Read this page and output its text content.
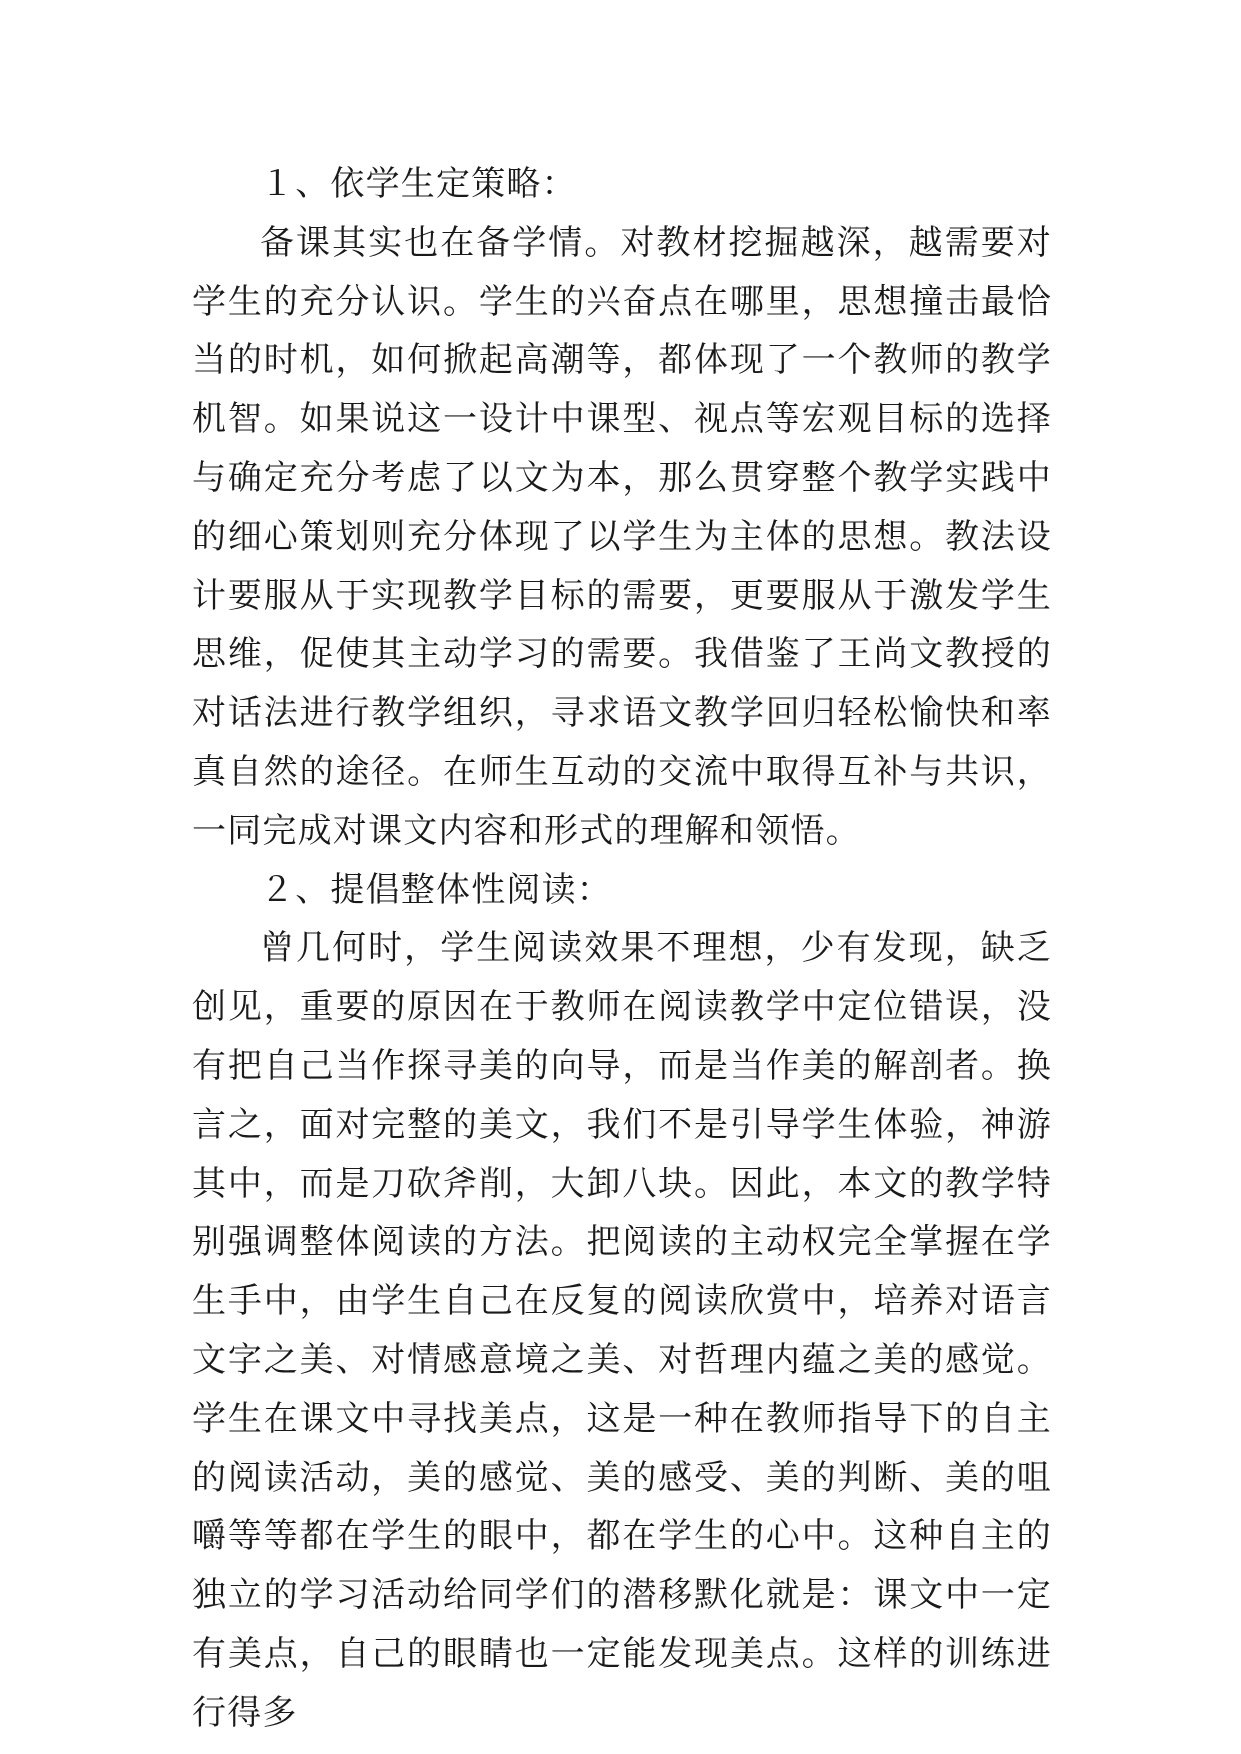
１、依学生定策略：

备课其实也在备学情。对教材挖掘越深，越需要对学生的充分认识。学生的兴奋点在哪里，思想撞击最恰当的时机，如何掀起高潮等，都体现了一个教师的教学机智。如果说这一设计中课型、视点等宏观目标的选择与确定充分考虑了以文为本，那么贯穿整个教学实践中的细心策划则充分体现了以学生为主体的思想。教法设计要服从于实现教学目标的需要，更要服从于激发学生思维，促使其主动学习的需要。我借鉴了王尚文教授的对话法进行教学组织，寻求语文教学回归轻松愉快和率真自然的途径。在师生互动的交流中取得互补与共识，一同完成对课文内容和形式的理解和领悟。

２、提倡整体性阅读：

曾几何时，学生阅读效果不理想，少有发现，缺乏创见，重要的原因在于教师在阅读教学中定位错误，没有把自己当作探寻美的向导，而是当作美的解剖者。换言之，面对完整的美文，我们不是引导学生体验，神游其中，而是刀砍斧削，大卸八块。因此，本文的教学特别强调整体阅读的方法。把阅读的主动权完全掌握在学生手中，由学生自己在反复的阅读欣赏中，培养对语言文字之美、对情感意境之美、对哲理内蕴之美的感觉。学生在课文中寻找美点，这是一种在教师指导下的自主的阅读活动，美的感觉、美的感受、美的判断、美的咀嚼等等都在学生的眼中，都在学生的心中。这种自主的独立的学习活动给同学们的潜移默化就是：课文中一定有美点，自己的眼睛也一定能发现美点。这样的训练进行得多
